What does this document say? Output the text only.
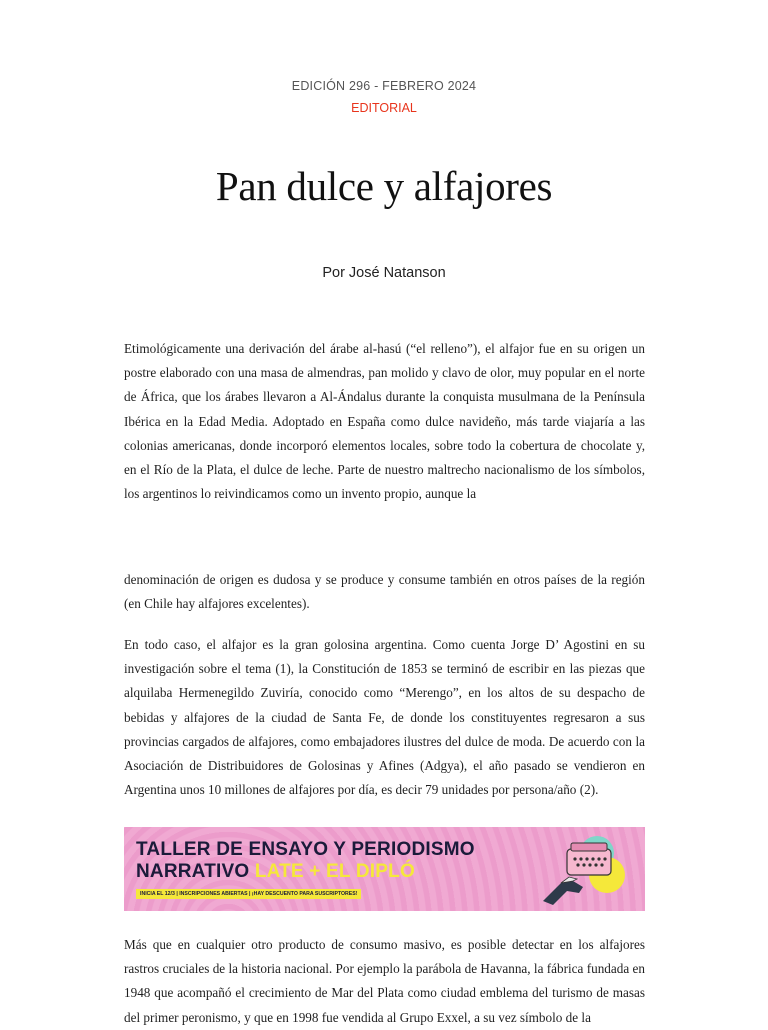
EDICIÓN 296 - FEBRERO 2024
EDITORIAL
Pan dulce y alfajores
Por José Natanson

Etimológicamente una derivación del árabe al-hasú (“el relleno”), el alfajor fue en su origen un postre elaborado con una masa de almendras, pan molido y clavo de olor, muy popular en el norte de África, que los árabes llevaron a Al-Ándalus durante la conquista musulmana de la Península Ibérica en la Edad Media. Adoptado en España como dulce navideño, más tarde viajaría a las colonias americanas, donde incorporó elementos locales, sobre todo la cobertura de chocolate y, en el Río de la Plata, el dulce de leche. Parte de nuestro maltrecho nacionalismo de los símbolos, los argentinos lo reivindicamos como un invento propio, aunque la

denominación de origen es dudosa y se produce y consume también en otros países de la región (en Chile hay alfajores excelentes).

En todo caso, el alfajor es la gran golosina argentina. Como cuenta Jorge D’ Agostini en su investigación sobre el tema (1), la Constitución de 1853 se terminó de escribir en las piezas que alquilaba Hermenegildo Zuviría, conocido como “Merengo”, en los altos de su despacho de bebidas y alfajores de la ciudad de Santa Fe, de donde los constituyentes regresaron a sus provincias cargados de alfajores, como embajadores ilustres del dulce de moda. De acuerdo con la Asociación de Distribuidores de Golosinas y Afines (Adgya), el año pasado se vendieron en Argentina unos 10 millones de alfajores por día, es decir 79 unidades por persona/año (2).

TALLER DE ENSAYO Y PERIODISMO
NARRATIVO LATE + EL DIPLÓ
INICIA EL 12/3 | INSCRIPCIONES ABIERTAS | ¡HAY DESCUENTO PARA SUSCRIPTORES!

Más que en cualquier otro producto de consumo masivo, es posible detectar en los alfajores rastros cruciales de la historia nacional. Por ejemplo la parábola de Havanna, la fábrica fundada en 1948 que acompañó el crecimiento de Mar del Plata como ciudad emblema del turismo de masas del primer peronismo, y que en 1998 fue vendida al Grupo Exxel, a su vez símbolo de la
